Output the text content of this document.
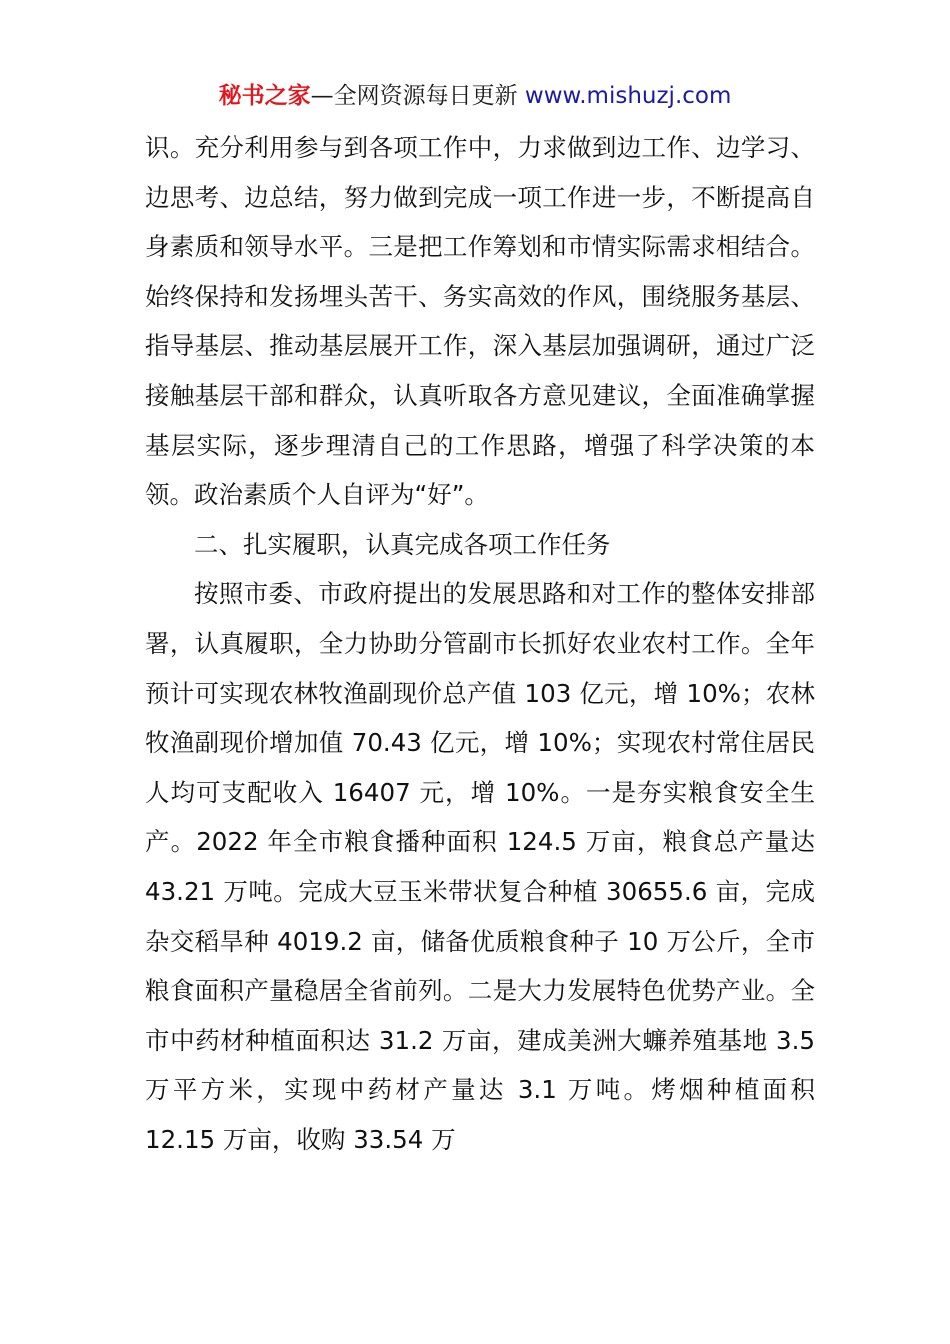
秘书之家—全网资源每日更新 www.mishuzj.com

识。充分利用参与到各项工作中，力求做到边工作、边学习、边思考、边总结，努力做到完成一项工作进一步，不断提高自身素质和领导水平。三是把工作筹划和市情实际需求相结合。始终保持和发扬埋头苦干、务实高效的作风，围绕服务基层、指导基层、推动基层展开工作，深入基层加强调研，通过广泛接触基层干部和群众，认真听取各方意见建议，全面准确掌握基层实际，逐步理清自己的工作思路，增强了科学决策的本领。政治素质个人自评为“好”。

二、扎实履职，认真完成各项工作任务

按照市委、市政府提出的发展思路和对工作的整体安排部署，认真履职，全力协助分管副市长抓好农业农村工作。全年预计可实现农林牧渔副现价总产值 103 亿元，增 10%；农林牧渔副现价增加值 70.43 亿元，增 10%；实现农村常住居民人均可支配收入 16407 元，增 10%。一是夯实粮食安全生产。2022 年全市粮食播种面积 124.5 万亩，粮食总产量达 43.21 万吨。完成大豆玉米带状复合种植 30655.6 亩，完成杂交稻旱种 4019.2 亩，储备优质粮食种子 10 万公斤，全市粮食面积产量稳居全省前列。二是大力发展特色优势产业。全市中药材种植面积达 31.2 万亩，建成美洲大蠊养殖基地 3.5 万平方米，实现中药材产量达 3.1 万吨。烤烟种植面积 12.15 万亩，收购 33.54 万
